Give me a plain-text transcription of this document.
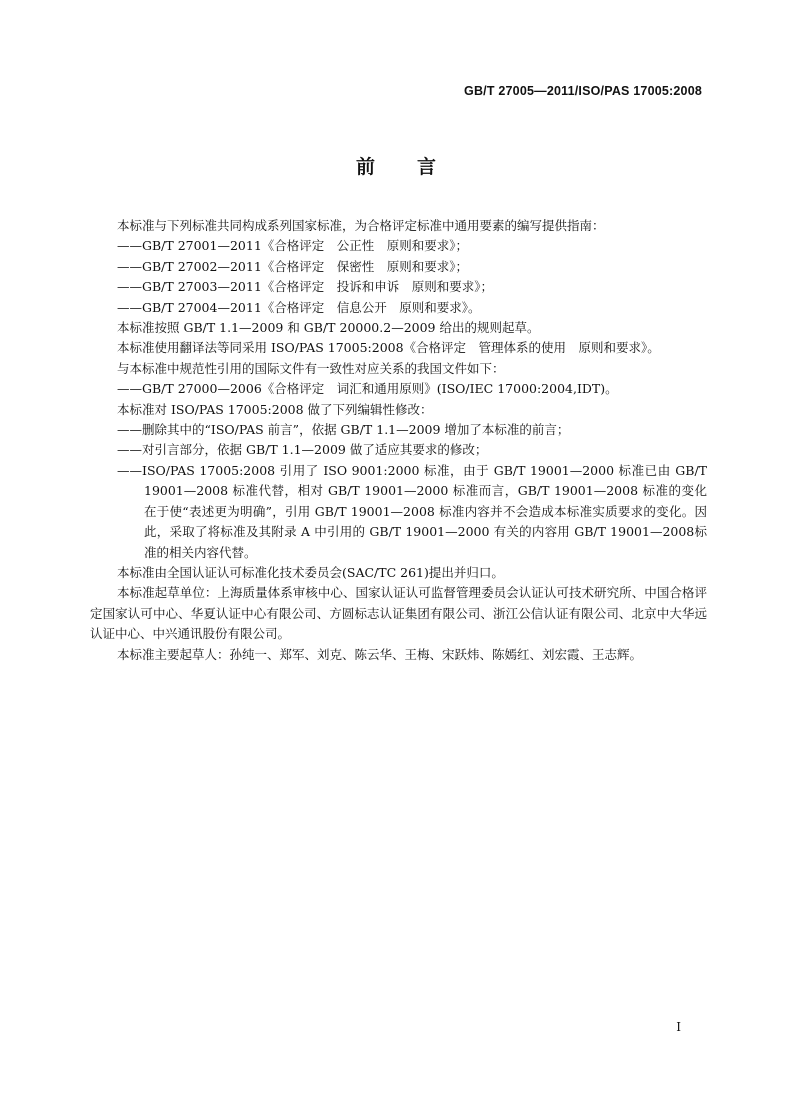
GB/T 27005—2011/ISO/PAS 17005:2008
前言

本标准与下列标准共同构成系列国家标准，为合格评定标准中通用要素的编写提供指南：

——GB/T 27001—2011《合格评定　公正性　原则和要求》；

——GB/T 27002—2011《合格评定　保密性　原则和要求》；

——GB/T 27003—2011《合格评定　投诉和申诉　原则和要求》；

——GB/T 27004—2011《合格评定　信息公开　原则和要求》。

本标准按照 GB/T 1.1—2009 和 GB/T 20000.2—2009 给出的规则起草。

本标准使用翻译法等同采用 ISO/PAS 17005:2008《合格评定　管理体系的使用　原则和要求》。

与本标准中规范性引用的国际文件有一致性对应关系的我国文件如下：

——GB/T 27000—2006《合格评定　词汇和通用原则》(ISO/IEC 17000:2004,IDT)。

本标准对 ISO/PAS 17005:2008 做了下列编辑性修改：

——删除其中的“ISO/PAS 前言”，依据 GB/T 1.1—2009 增加了本标准的前言；

——对引言部分，依据 GB/T 1.1—2009 做了适应其要求的修改；

——ISO/PAS 17005:2008 引用了 ISO 9001:2000 标准，由于 GB/T 19001—2000 标准已由 GB/T 19001—2008 标准代替，相对 GB/T 19001—2000 标准而言，GB/T 19001—2008 标准的变化在于使“表述更为明确”，引用 GB/T 19001—2008 标准内容并不会造成本标准实质要求的变化。因此，采取了将标准及其附录 A 中引用的 GB/T 19001—2000 有关的内容用 GB/T 19001—2008标准的相关内容代替。

本标准由全国认证认可标准化技术委员会(SAC/TC 261)提出并归口。

本标准起草单位：上海质量体系审核中心、国家认证认可监督管理委员会认证认可技术研究所、中国合格评定国家认可中心、华夏认证中心有限公司、方圆标志认证集团有限公司、浙江公信认证有限公司、北京中大华远认证中心、中兴通讯股份有限公司。

本标准主要起草人：孙纯一、郑军、刘克、陈云华、王梅、宋跃炜、陈嫣红、刘宏霞、王志辉。

I
